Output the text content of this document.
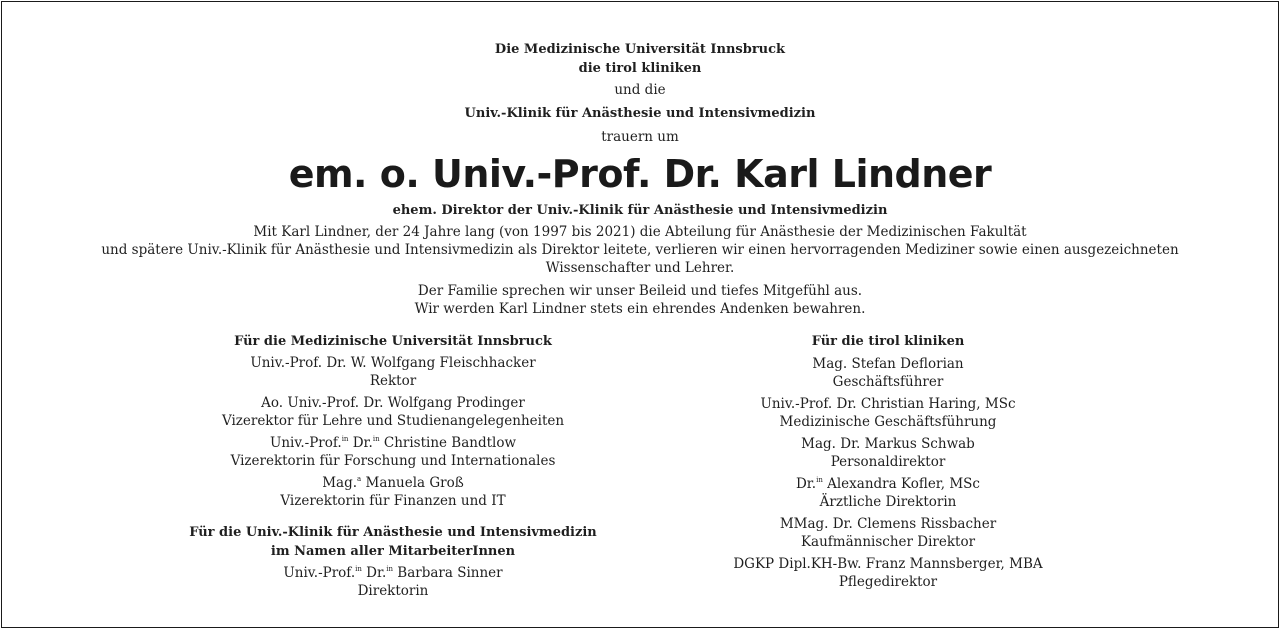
Die Medizinische Universität Innsbruck
die tirol kliniken
und die
Univ.-Klinik für Anästhesie und Intensivmedizin
trauern um
em. o. Univ.-Prof. Dr. Karl Lindner
ehem. Direktor der Univ.-Klinik für Anästhesie und Intensivmedizin
Mit Karl Lindner, der 24 Jahre lang (von 1997 bis 2021) die Abteilung für Anästhesie der Medizinischen Fakultät
und spätere Univ.-Klinik für Anästhesie und Intensivmedizin als Direktor leitete, verlieren wir einen hervorragenden Mediziner sowie einen ausgezeichneten
Wissenschafter und Lehrer.
Der Familie sprechen wir unser Beileid und tiefes Mitgefühl aus.
Wir werden Karl Lindner stets ein ehrendes Andenken bewahren.
Für die Medizinische Universität Innsbruck
Univ.-Prof. Dr. W. Wolfgang Fleischhacker
Rektor
Ao. Univ.-Prof. Dr. Wolfgang Prodinger
Vizerektor für Lehre und Studienangelegenheiten
Univ.-Prof.$^{in}$ Dr.$^{in}$ Christine Bandtlow
Vizerektorin für Forschung und Internationales
Mag.$^a$ Manuela Groß
Vizerektorin für Finanzen und IT
Für die Univ.-Klinik für Anästhesie und Intensivmedizin
im Namen aller MitarbeiterInnen
Univ.-Prof.$^{in}$ Dr.$^{in}$ Barbara Sinner
Direktorin
Für die tirol kliniken
Mag. Stefan Deflorian
Geschäftsführer
Univ.-Prof. Dr. Christian Haring, MSc
Medizinische Geschäftsführung
Mag. Dr. Markus Schwab
Personaldirektor
Dr.$^{in}$ Alexandra Kofler, MSc
Ärztliche Direktorin
MMag. Dr. Clemens Rissbacher
Kaufmännischer Direktor
DGKP Dipl.KH-Bw. Franz Mannsberger, MBA
Pflegedirektor
